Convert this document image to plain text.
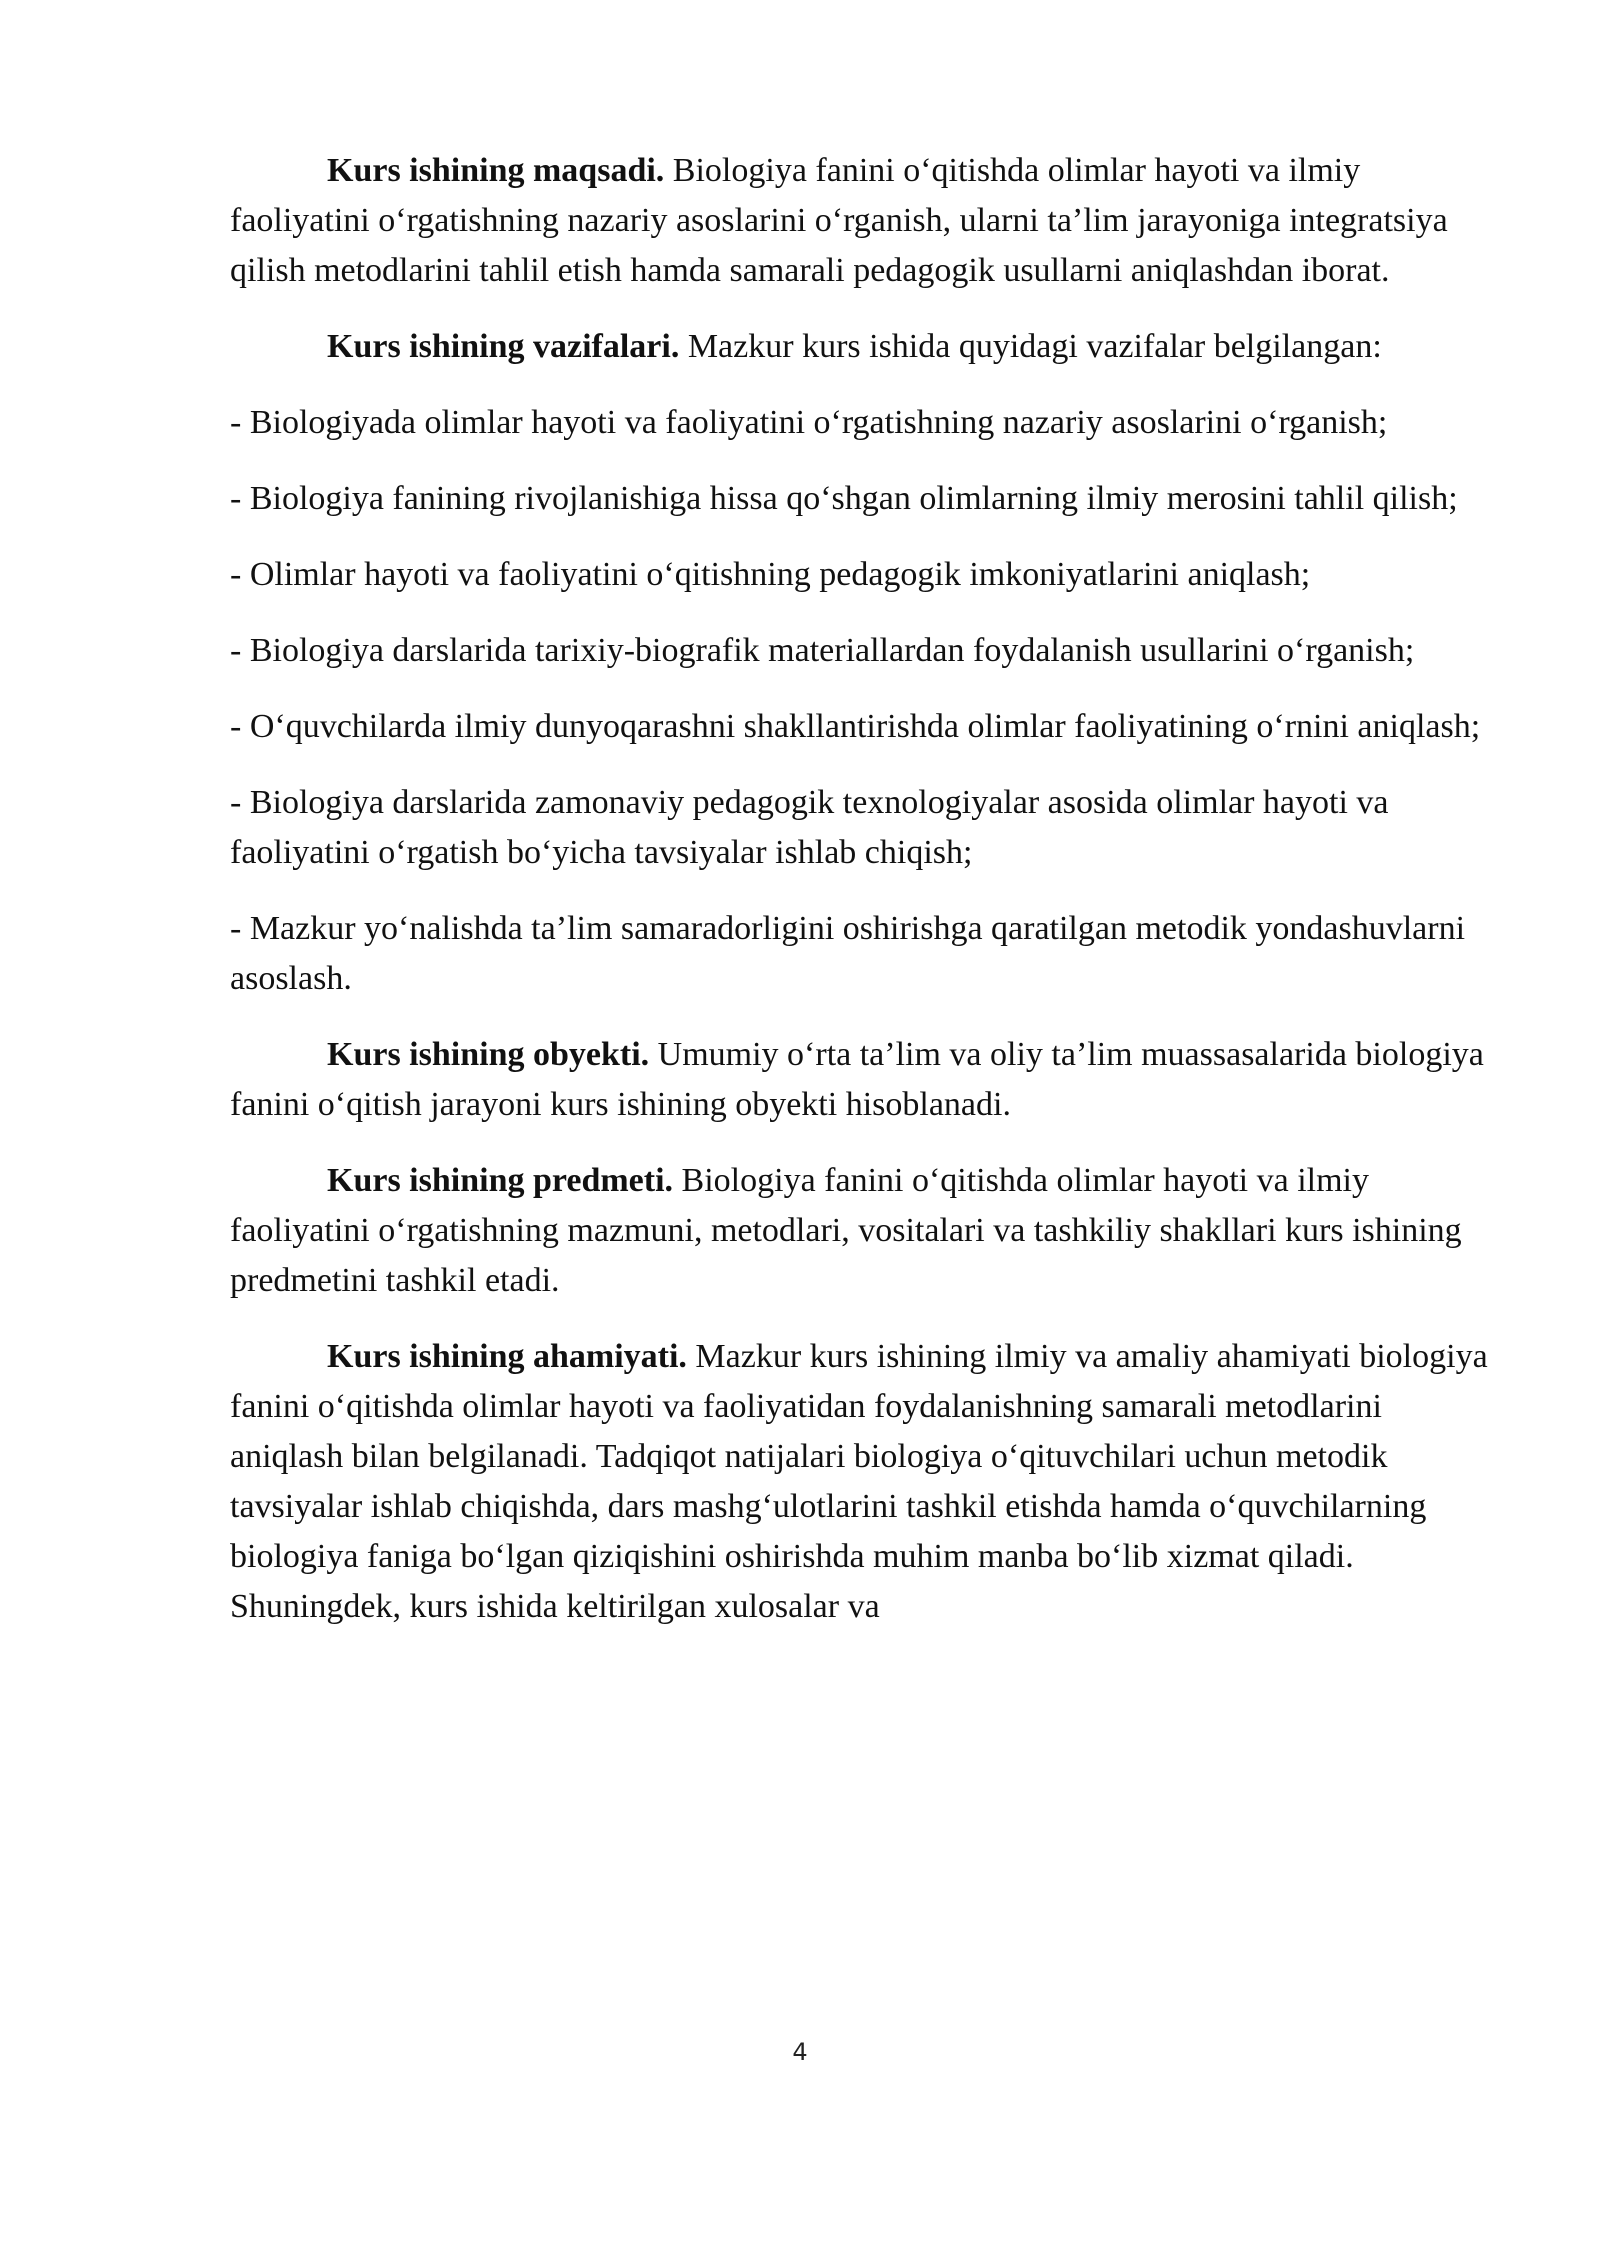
Kurs ishining maqsadi. Biologiya fanini o‘qitishda olimlar hayoti va ilmiy faoliyatini o‘rgatishning nazariy asoslarini o‘rganish, ularni ta’lim jarayoniga integratsiya qilish metodlarini tahlil etish hamda samarali pedagogik usullarni aniqlashdan iborat.

Kurs ishining vazifalari. Mazkur kurs ishida quyidagi vazifalar belgilangan:

- Biologiyada olimlar hayoti va faoliyatini o‘rgatishning nazariy asoslarini o‘rganish;

- Biologiya fanining rivojlanishiga hissa qo‘shgan olimlarning ilmiy merosini tahlil qilish;

- Olimlar hayoti va faoliyatini o‘qitishning pedagogik imkoniyatlarini aniqlash;

- Biologiya darslarida tarixiy-biografik materiallardan foydalanish usullarini o‘rganish;

- O‘quvchilarda ilmiy dunyoqarashni shakllantirishda olimlar faoliyatining o‘rnini aniqlash;

- Biologiya darslarida zamonaviy pedagogik texnologiyalar asosida olimlar hayoti va faoliyatini o‘rgatish bo‘yicha tavsiyalar ishlab chiqish;

- Mazkur yo‘nalishda ta’lim samaradorligini oshirishga qaratilgan metodik yondashuvlarni asoslash.

Kurs ishining obyekti. Umumiy o‘rta ta’lim va oliy ta’lim muassasalarida biologiya fanini o‘qitish jarayoni kurs ishining obyekti hisoblanadi.

Kurs ishining predmeti. Biologiya fanini o‘qitishda olimlar hayoti va ilmiy faoliyatini o‘rgatishning mazmuni, metodlari, vositalari va tashkiliy shakllari kurs ishining predmetini tashkil etadi.

Kurs ishining ahamiyati. Mazkur kurs ishining ilmiy va amaliy ahamiyati biologiya fanini o‘qitishda olimlar hayoti va faoliyatidan foydalanishning samarali metodlarini aniqlash bilan belgilanadi. Tadqiqot natijalari biologiya o‘qituvchilari uchun metodik tavsiyalar ishlab chiqishda, dars mashg‘ulotlarini tashkil etishda hamda o‘quvchilarning biologiya faniga bo‘lgan qiziqishini oshirishda muhim manba bo‘lib xizmat qiladi. Shuningdek, kurs ishida keltirilgan xulosalar va

4
